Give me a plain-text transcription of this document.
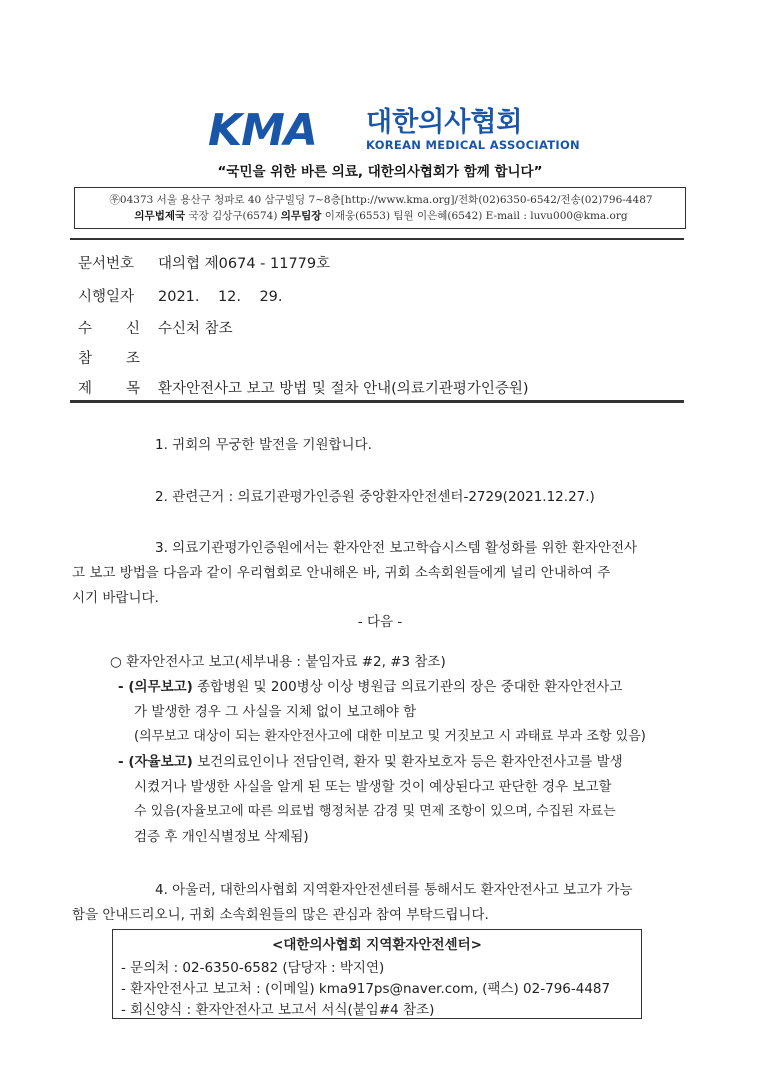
KMA 대한의사협회
KOREAN MEDICAL ASSOCIATION
“국민을 위한 바른 의료, 대한의사협회가 함께 합니다”
㉾04373 서울 용산구 청파로 40 삼구빌딩 7~8층[http://www.kma.org]/전화(02)6350-6542/전송(02)796-4487
의무법제국 국장 김상구(6574) 의무팀장 이재웅(6553) 팀원 이은혜(6542) E-mail : luvu000@kma.org
문서번호 대의협 제0674 - 11779호
시행일자 2021.    12.    29.
수 신 수신처 참조
참 조
제 목 환자안전사고 보고 방법 및 절차 안내(의료기관평가인증원)
1. 귀회의 무궁한 발전을 기원합니다.
2. 관련근거 : 의료기관평가인증원 중앙환자안전센터-2729(2021.12.27.)
3. 의료기관평가인증원에서는 환자안전 보고학습시스템 활성화를 위한 환자안전사
고 보고 방법을 다음과 같이 우리협회로 안내해온 바, 귀회 소속회원들에게 널리 안내하여 주
시기 바랍니다.
- 다음 -
○ 환자안전사고 보고(세부내용 : 붙임자료 #2, #3 참조)
- (의무보고) 종합병원 및 200병상 이상 병원급 의료기관의 장은 중대한 환자안전사고
가 발생한 경우 그 사실을 지체 없이 보고해야 함
(의무보고 대상이 되는 환자안전사고에 대한 미보고 및 거짓보고 시 과태료 부과 조항 있음)
- (자율보고) 보건의료인이나 전담인력, 환자 및 환자보호자 등은 환자안전사고를 발생
시켰거나 발생한 사실을 알게 된 또는 발생할 것이 예상된다고 판단한 경우 보고할
수 있음(자율보고에 따른 의료법 행정처분 감경 및 면제 조항이 있으며, 수집된 자료는
검증 후 개인식별정보 삭제됨)
4. 아울러, 대한의사협회 지역환자안전센터를 통해서도 환자안전사고 보고가 가능
함을 안내드리오니, 귀회 소속회원들의 많은 관심과 참여 부탁드립니다.
<대한의사협회 지역환자안전센터>
- 문의처 : 02-6350-6582 (담당자 : 박지연)
- 환자안전사고 보고처 : (이메일) kma917ps@naver.com, (팩스) 02-796-4487
- 회신양식 : 환자안전사고 보고서 서식(붙임#4 참조)
